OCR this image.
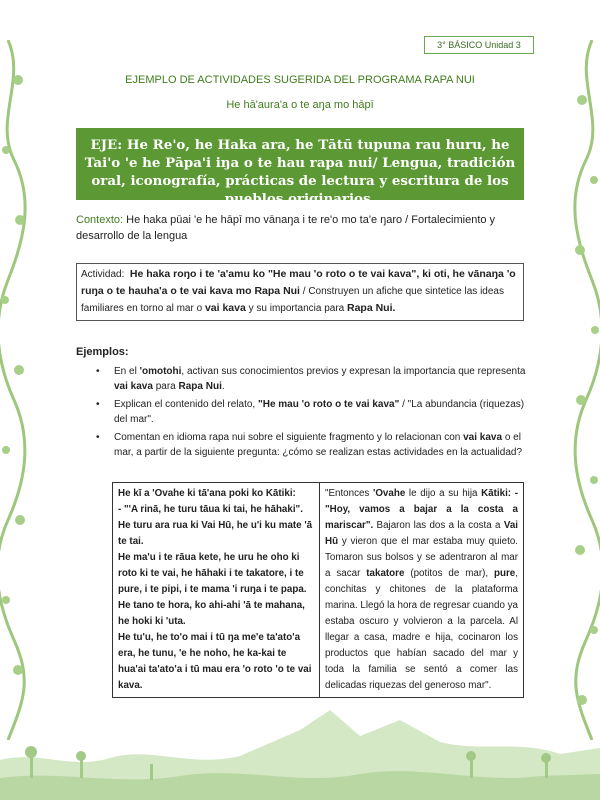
3° BÁSICO Unidad 3
EJEMPLO DE ACTIVIDADES SUGERIDA DEL PROGRAMA RAPA NUI
He hā'aura'a o te aŋa mo hāpī
EJE: He Re'o, he Haka ara, he Tātū tupuna rau huru, he Tai'o 'e he Pāpa'i iŋa o te hau rapa nui/ Lengua, tradición oral, iconografía, prácticas de lectura y escritura de los pueblos originarios.
Contexto: He haka pūai 'e he hāpī mo vānaŋa i te re'o mo ta'e ŋaro / Fortalecimiento y desarrollo de la lengua
Actividad: He haka roŋo i te 'a'amu ko "He mau 'o roto o te vai kava", ki oti, he vānaŋa 'o ruŋa o te hauha'a o te vai kava mo Rapa Nui / Construyen un afiche que sintetice las ideas familiares en torno al mar o vai kava y su importancia para Rapa Nui.
Ejemplos:
• En el 'omotohi, activan sus conocimientos previos y expresan la importancia que representa vai kava para Rapa Nui.
• Explican el contenido del relato, "He mau 'o roto o te vai kava" / "La abundancia (riquezas) del mar".
• Comentan en idioma rapa nui sobre el siguiente fragmento y lo relacionan con vai kava o el mar, a partir de la siguiente pregunta: ¿cómo se realizan estas actividades en la actualidad?
He kī a 'Ovahe ki tā'ana poki ko Kātiki:
- "'A rinā, he turu tāua ki tai, he hāhaki".
He turu ara rua ki Vai Hū, he u'i ku mate 'ā te tai.
He ma'u i te rāua kete, he uru he oho ki roto ki te vai, he hāhaki i te takatore, i te pure, i te pipi, i te mama 'i ruŋa i te papa.
He tano te hora, ko ahi-ahi 'ā te mahana, he hoki ki 'uta.
He tu'u, he to'o mai i tū ŋa me'e ta'ato'a era, he tunu, 'e he noho, he ka-kai te hua'ai ta'ato'a i tū mau era 'o roto 'o te vai kava.
	"Entonces 'Ovahe le dijo a su hija Kātiki: - "Hoy, vamos a bajar a la costa a mariscar". Bajaron las dos a la costa a Vai Hū y vieron que el mar estaba muy quieto. Tomaron sus bolsos y se adentraron al mar a sacar takatore (potitos de mar), pure, conchitas y chitones de la plataforma marina. Llegó la hora de regresar cuando ya estaba oscuro y volvieron a la parcela. Al llegar a casa, madre e hija, cocinaron los productos que habían sacado del mar y toda la familia se sentó a comer las delicadas riquezas del generoso mar".
